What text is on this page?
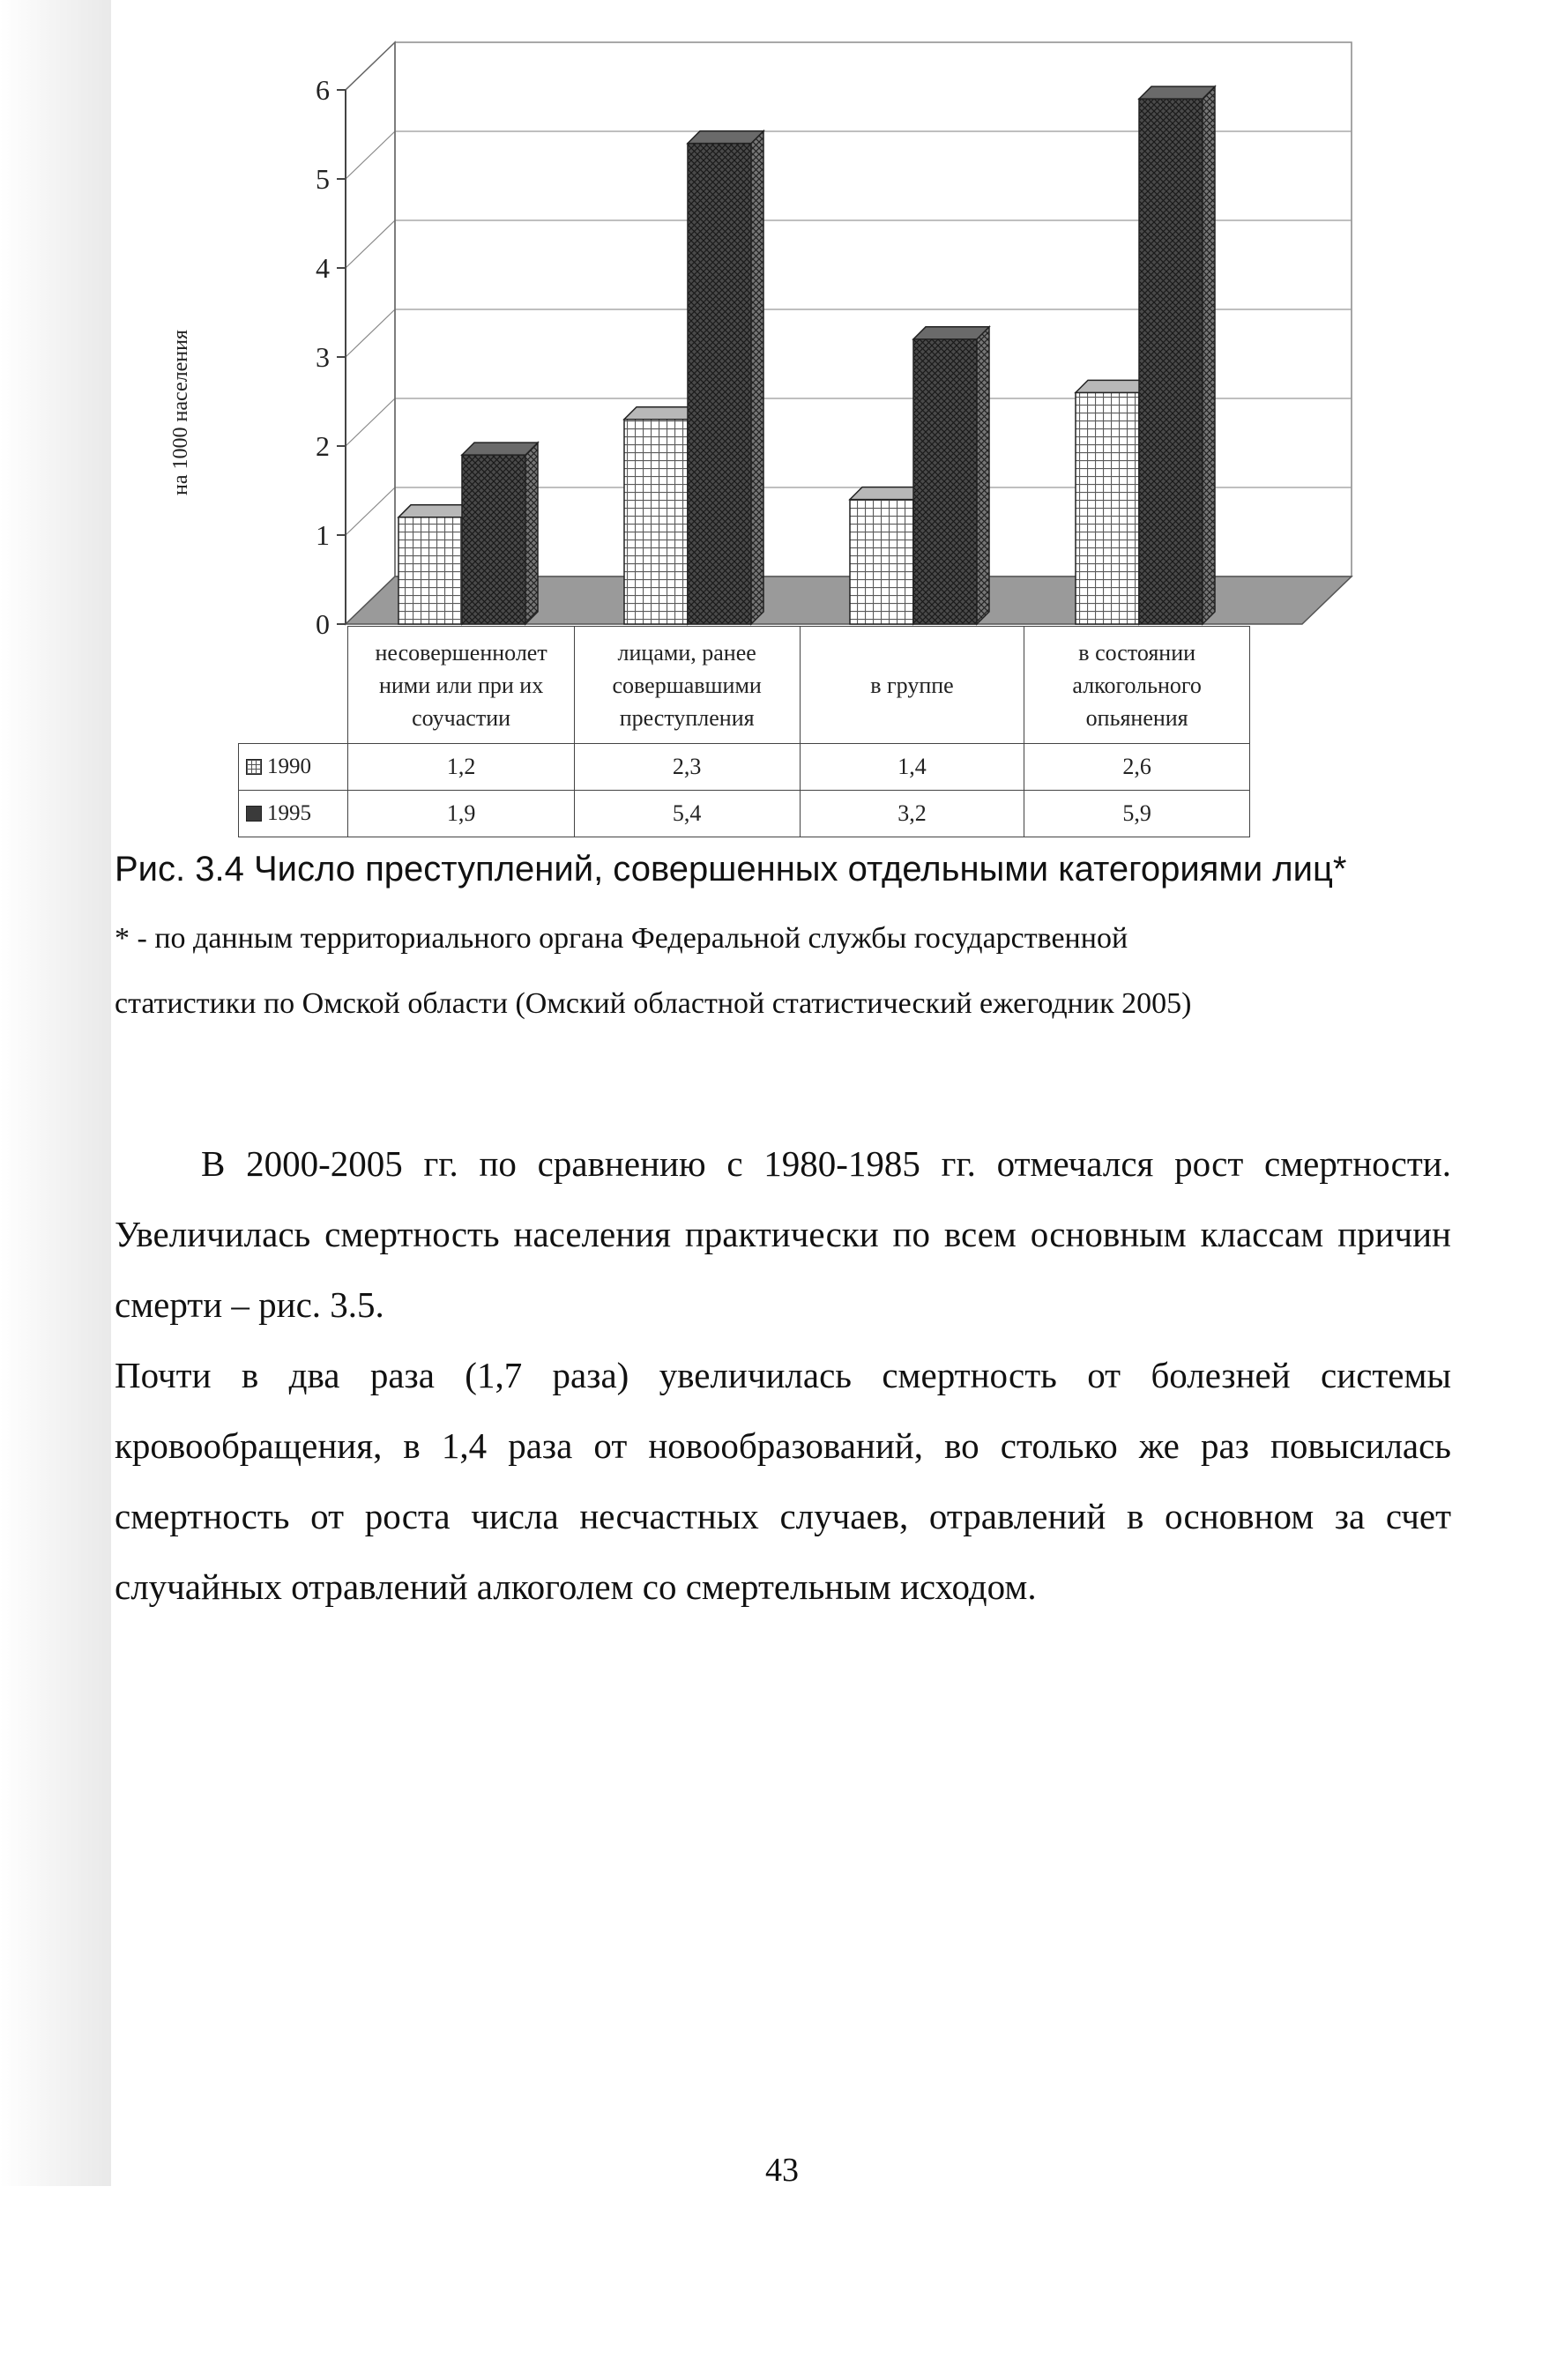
0
1
2
3
4
5
6
на 1000 населения
	несовершеннолет
ними или при их
соучастии	лицами, ранее
совершавшими
преступления	в группе	в состоянии
алкогольного
опьянения
1990	1,2	2,3	1,4	2,6
1995	1,9	5,4	3,2	5,9
Рис. 3.4 Число преступлений, совершенных отдельными категориями лиц*
* - по данным территориального органа Федеральной службы государственной
статистики по Омской области (Омский областной статистический ежегодник 2005)

В 2000-2005 гг. по сравнению с 1980-1985 гг. отмечался рост смертности. Увеличилась смертность населения практически по всем основным классам причин смерти – рис. 3.5.

Почти в два раза (1,7 раза) увеличилась смертность от болезней системы кровообращения, в 1,4 раза от новообразований, во столько же раз повысилась смертность от роста числа несчастных случаев, отравлений в основном за счет случайных отравлений алкоголем со смертельным исходом.

43
